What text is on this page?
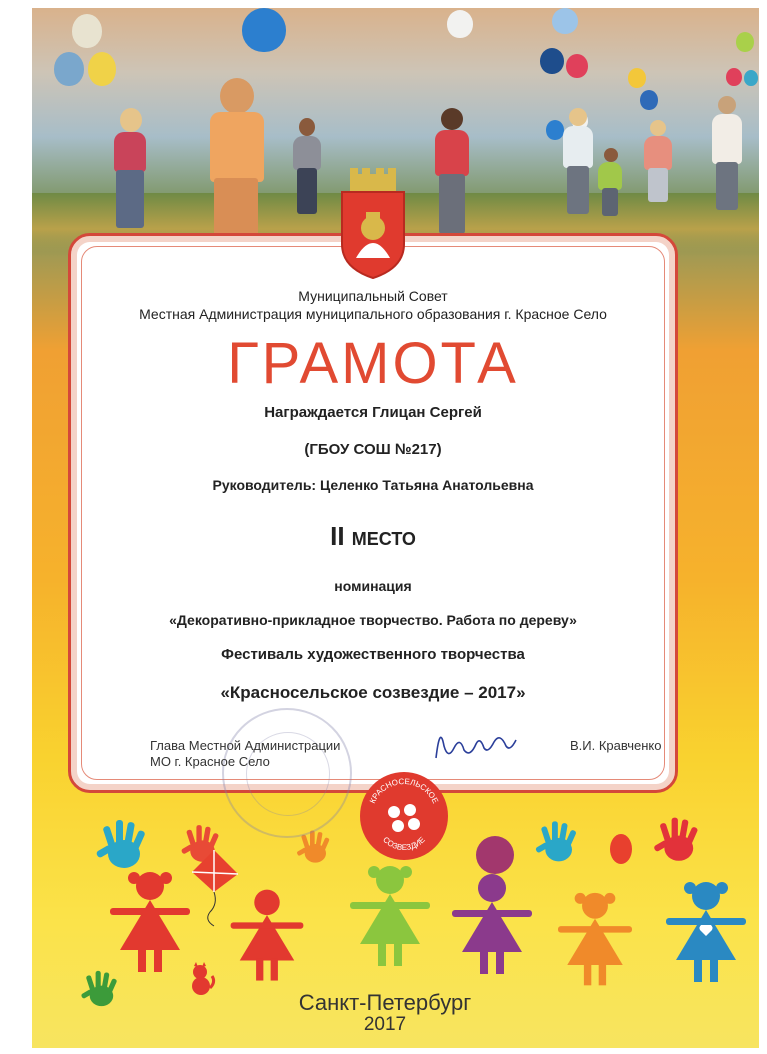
Муниципальный Совет
Местная Администрация муниципального образования г. Красное Село
ГРАМОТА
Награждается Глицан Сергей
(ГБОУ СОШ №217)
Руководитель: Целенко Татьяна Анатольевна
II МЕСТО
номинация
«Декоративно-прикладное творчество. Работа по дереву»
Фестиваль художественного творчества
«Красносельское созвездие – 2017»
Глава Местной Администрации
МО г. Красное Село
В.И. Кравченко
КРАСНОСЕЛЬСКОЕ
СОЗВЕЗДИЕ
Санкт-Петербург
2017
